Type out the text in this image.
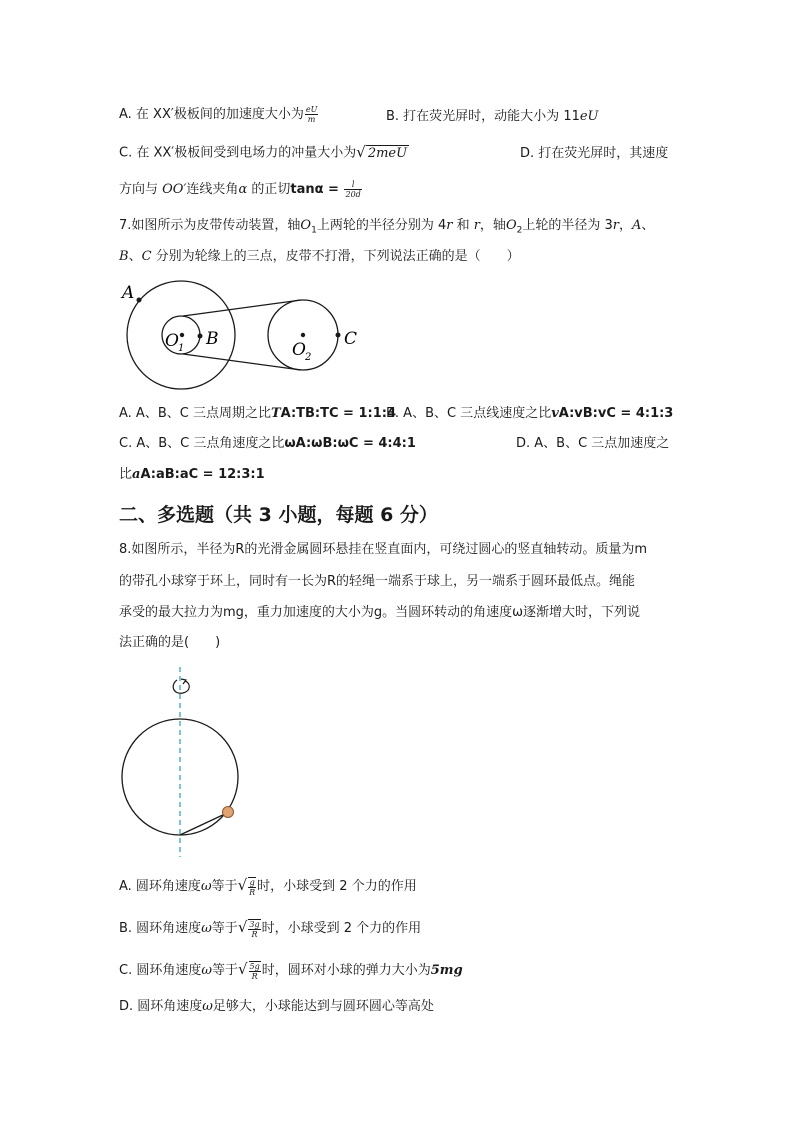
A. 在 XX′极板间的加速度大小为 $\frac{eU}{m}$	B. 打在荧光屏时，动能大小为 11eU
C. 在 XX′极板间受到电场力的冲量大小为√ 2meU	D. 打在荧光屏时，其速度
方向与 OO′连线夹角α 的正切$\tan\alpha = \frac{l}{20d}$
7.如图所示为皮带传动装置，轴$O_1$上两轮的半径分别为 4r 和 r，轴$O_2$上轮的半径为 3r，A、
B、C 分别为轮缘上的三点，皮带不打滑，下列说法正确的是（　　）
A
O 1 B
O 2
C
A. A、B、C 三点周期之比TA:TB:TC = 1:1:4
B. A、B、C 三点线速度之比vA:vB:vC = 4:1:3
C. A、B、C 三点角速度之比ωA:ωB:ωC = 4:4:1	D. A、B、C 三点加速度之
比aA:aB:aC = 12:3:1
二、多选题（共 3 小题，每题 6 分）
8.如图所示，半径为R的光滑金属圆环悬挂在竖直面内，可绕过圆心的竖直轴转动。质量为m
的带孔小球穿于环上，同时有一长为R的轻绳一端系于球上，另一端系于圆环最低点。绳能
承受的最大拉力为mg，重力加速度的大小为g。当圆环转动的角速度ω逐渐增大时，下列说
法正确的是(　　)
A. 圆环角速度ω等于√ $\frac{g}{R}$ 时，小球受到 2 个力的作用
B. 圆环角速度ω等于√ $\frac{3g}{R}$ 时，小球受到 2 个力的作用
C. 圆环角速度ω等于√ $\frac{5g}{R}$ 时，圆环对小球的弹力大小为5mg
D. 圆环角速度ω足够大，小球能达到与圆环圆心等高处
